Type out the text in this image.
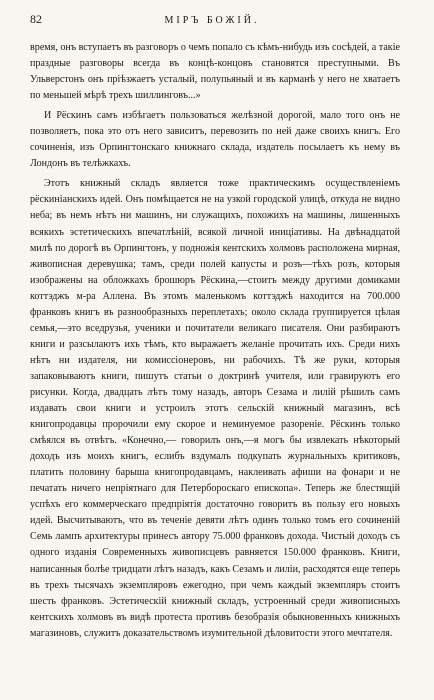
82	МІРЪ БОЖІЙ.

время, онъ вступаетъ въ разговоръ о чемъ попало съ кѣмъ-нибудь изъ сосѣдей, а такіе праздные разговоры всегда въ концѣ-концовъ становятся преступными. Въ Ульверстонъ онъ пріѣзжаетъ усталый, полупьяный и въ карманѣ у него не хватаетъ по меньшей мѣрѣ трехъ шиллинговъ...»

И Рёскинъ самъ избѣгаетъ пользоваться желѣзной дорогой, мало того онъ не позволяетъ, пока это отъ него зависитъ, перевозить по ней даже своихъ книгъ. Его сочиненія, изъ Орпингтонскаго книжнаго склада, издатель посылаетъ къ нему въ Лондонъ въ телѣжкахъ.

Этотъ книжный складъ является тоже практическимъ осуществленіемъ рёскиніанскихъ идей. Онъ помѣщается не на узкой городской улицѣ, откуда не видно неба; въ немъ нѣтъ ни машинъ, ни служащихъ, похожихъ на машины, лишенныхъ всякихъ эстетическихъ впечатлѣній, всякой личной иниціативы. На двѣнадцатой милѣ по дорогѣ въ Орпингтонъ, у подножія кентскихъ холмовъ расположена мирная, живописная деревушка; тамъ, среди полей капусты и розъ—тѣхъ розъ, которыя изображены на обложкахъ брошюръ Рёскина,—стоитъ между другими домиками коттэджъ м-ра Аллена. Въ этомъ маленькомъ коттэджѣ находится на 700.000 франковъ книгъ въ разнообразныхъ переплетахъ; около склада группируется цѣлая семья,—это вседрузья, ученики и почитатели великаго писателя. Они разбираютъ книги и разсылаютъ ихъ тѣмъ, кто выражаетъ желаніе прочитать ихъ. Среди нихъ нѣтъ ни издателя, ни комиссіонеровъ, ни рабочихъ. Тѣ же руки, которыя запаковываютъ книги, пишутъ статьи о доктринѣ учителя, или гравируютъ его рисунки. Когда, двадцать лѣтъ тому назадъ, авторъ Сезама и лилій рѣшилъ самъ издавать свои книги и устроилъ этотъ сельскій книжный магазинъ, всѣ книгопродавцы пророчили ему скорое и неминуемое разореніе. Рёскинъ только смѣялся въ отвѣтъ. «Конечно,— говорилъ онъ,—я могъ бы извлекать нѣкоторый доходъ изъ моихъ книгъ, еслибъ вздумалъ подкупать журнальныхъ критиковъ, платить половину барыша книгопродавцамъ, наклеивать афиши на фонари и не печатать ничего непріятнаго для Петербороскаго епископа». Теперь же блестящій успѣхъ его коммерческаго предпріятія достаточно говоритъ въ пользу его новыхъ идей. Высчитываютъ, что въ теченіе девяти лѣтъ одинъ только томъ его сочиненій Семь лампъ архитектуры принесъ автору 75.000 франковъ дохода. Чистый доходъ съ одного изданія Современныхъ живописцевъ равняется 150.000 франковъ. Книги, написанныя болѣе тридцати лѣтъ назадъ, какъ Сезамъ и лиліи, расходятся еще теперь въ трехъ тысячахъ экземпляровъ ежегодно, при чемъ каждый экземпляръ стоитъ шесть франковъ. Эстетическій книжный складъ, устроенный среди живописныхъ кентскихъ холмовъ въ видѣ протеста противъ безобразія обыкновенныхъ книжныхъ магазиновъ, служитъ доказательствомъ изумительной дѣловитости этого мечтателя.
